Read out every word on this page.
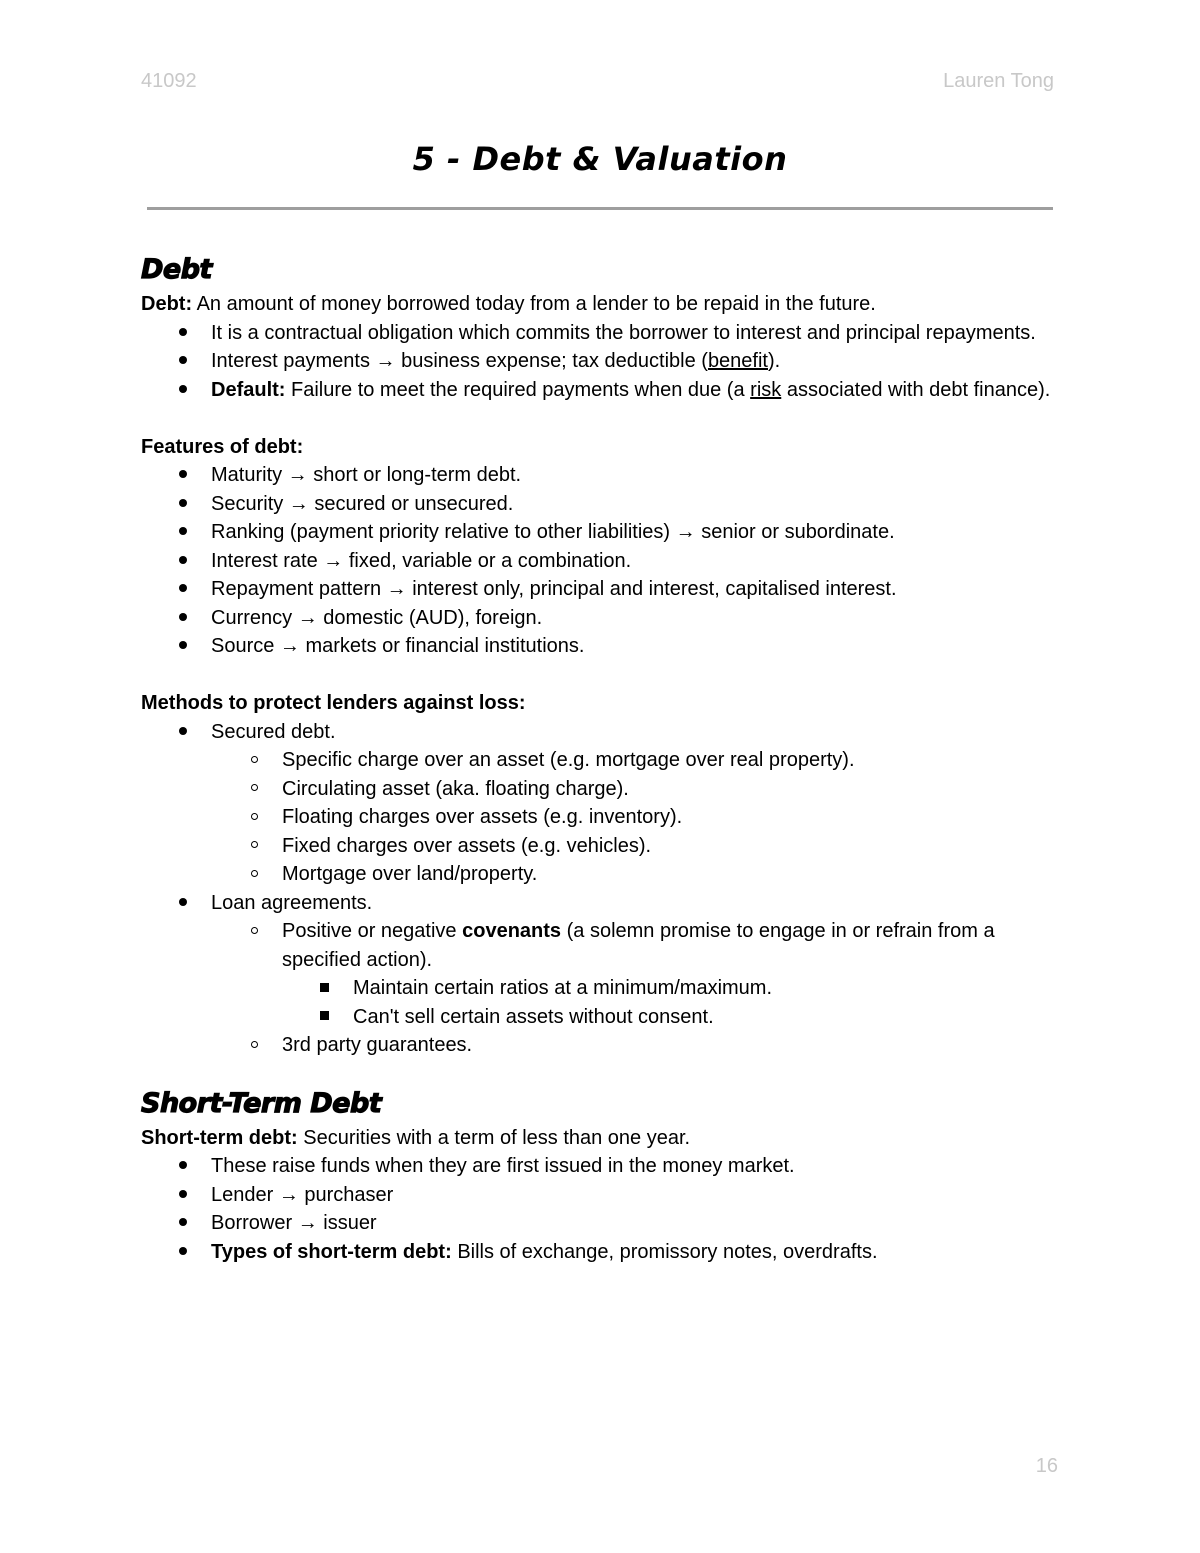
41092	Lauren Tong
5 - Debt & Valuation
Debt
Debt: An amount of money borrowed today from a lender to be repaid in the future.
It is a contractual obligation which commits the borrower to interest and principal repayments.
Interest payments → business expense; tax deductible (benefit).
Default: Failure to meet the required payments when due (a risk associated with debt finance).
Features of debt:
Maturity → short or long-term debt.
Security → secured or unsecured.
Ranking (payment priority relative to other liabilities) → senior or subordinate.
Interest rate → fixed, variable or a combination.
Repayment pattern → interest only, principal and interest, capitalised interest.
Currency → domestic (AUD), foreign.
Source → markets or financial institutions.
Methods to protect lenders against loss:
Secured debt.
Specific charge over an asset (e.g. mortgage over real property).
Circulating asset (aka. floating charge).
Floating charges over assets (e.g. inventory).
Fixed charges over assets (e.g. vehicles).
Mortgage over land/property.
Loan agreements.
Positive or negative covenants (a solemn promise to engage in or refrain from a specified action).
Maintain certain ratios at a minimum/maximum.
Can't sell certain assets without consent.
3rd party guarantees.
Short-Term Debt
Short-term debt: Securities with a term of less than one year.
These raise funds when they are first issued in the money market.
Lender → purchaser
Borrower → issuer
Types of short-term debt: Bills of exchange, promissory notes, overdrafts.
16
